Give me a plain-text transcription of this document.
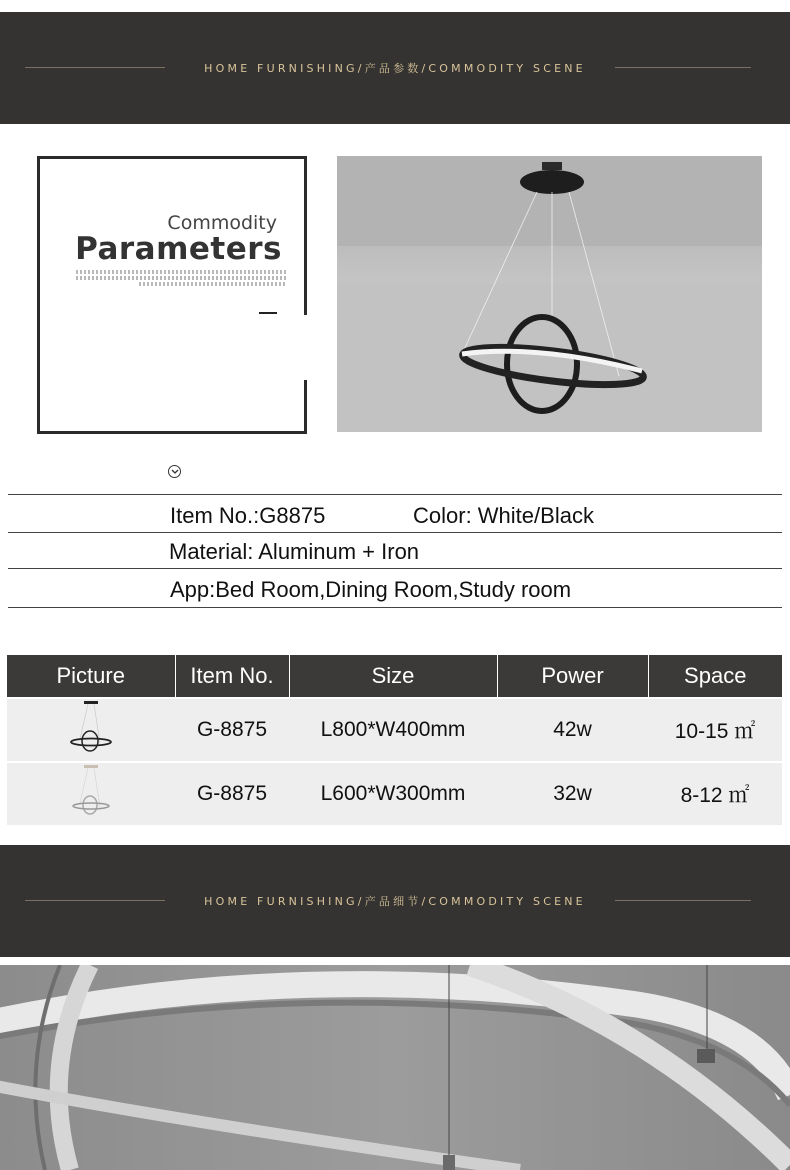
HOME FURNISHING/产品参数/COMMODITY SCENE
Commodity
Parameters
Item No.:G8875	Color: White/Black
Material: Aluminum + Iron
App:Bed Room,Dining Room,Study room
Picture	Item No.	Size	Power	Space
	G-8875	L800*W400mm	42w	10-15 ㎡
	G-8875	L600*W300mm	32w	8-12 ㎡
HOME FURNISHING/产品细节/COMMODITY SCENE
